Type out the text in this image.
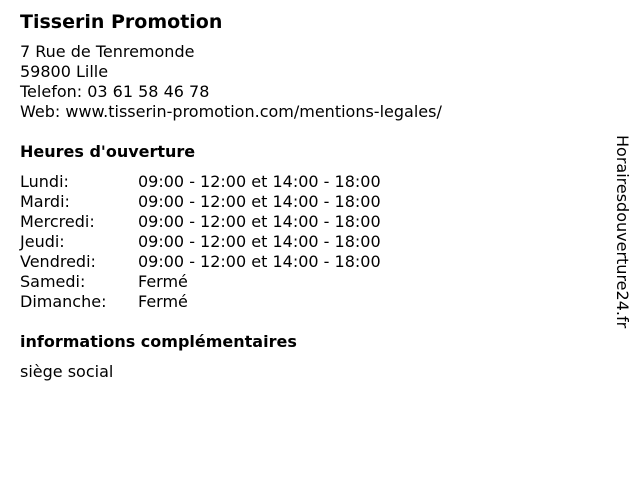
Tisserin Promotion
7 Rue de Tenremonde
59800 Lille
Telefon: 03 61 58 46 78
Web: www.tisserin-promotion.com/mentions-legales/
Heures d'ouverture
Lundi:	09:00 - 12:00 et 14:00 - 18:00
Mardi:	09:00 - 12:00 et 14:00 - 18:00
Mercredi:	09:00 - 12:00 et 14:00 - 18:00
Jeudi:	09:00 - 12:00 et 14:00 - 18:00
Vendredi:	09:00 - 12:00 et 14:00 - 18:00
Samedi:	Fermé
Dimanche: Fermé
informations complémentaires
siège social
Horairesdouverture24.fr
